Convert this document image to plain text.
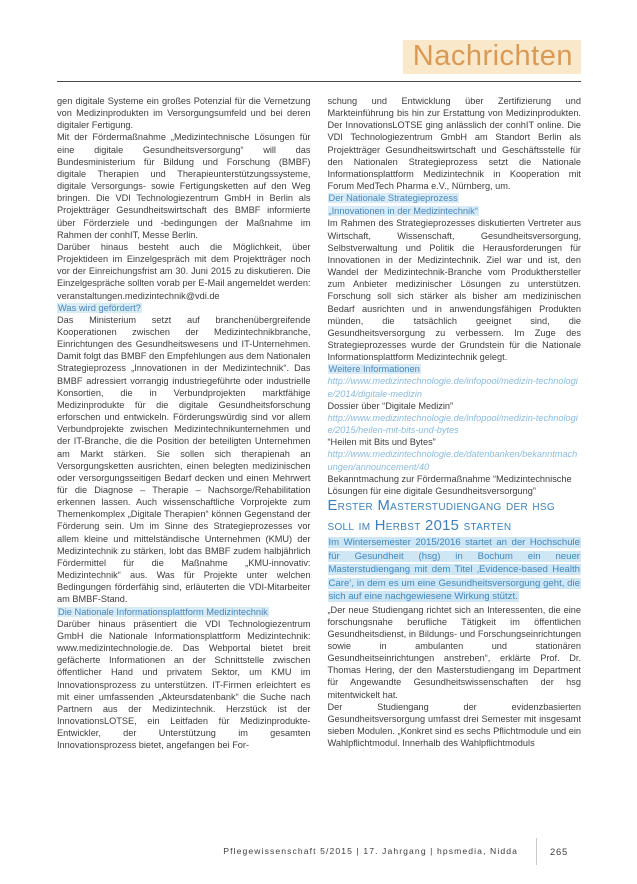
Nachrichten

gen digitale Systeme ein großes Potenzial für die Vernetzung von Medizinprodukten im Versorgungsumfeld und bei deren digitaler Fertigung.

Mit der Fördermaßnahme „Medizintechnische Lösungen für eine digitale Gesundheitsversorgung“ will das Bundesministerium für Bildung und Forschung (BMBF) digitale Therapien und Therapieunterstützungssysteme, digitale Versorgungs- sowie Fertigungsketten auf den Weg bringen. Die VDI Technologiezentrum GmbH in Berlin als Projektträger Gesundheitswirtschaft des BMBF informierte über Förderziele und -bedingungen der Maßnahme im Rahmen der conhIT, Messe Berlin.

Darüber hinaus besteht auch die Möglichkeit, über Projektideen im Einzelgespräch mit dem Projektträger noch vor der Einreichungsfrist am 30. Juni 2015 zu diskutieren. Die Einzelgespräche sollten vorab per E-Mail angemeldet werden: veranstaltungen.medizintechnik@vdi.de

Was wird gefördert?

Das Ministerium setzt auf branchenübergreifende Kooperationen zwischen der Medizintechnikbranche, Einrichtungen des Gesundheitswesens und IT-Unternehmen. Damit folgt das BMBF den Empfehlungen aus dem Nationalen Strategieprozess „Innovationen in der Medizintechnik“. Das BMBF adressiert vorrangig industriegeführte oder industrielle Konsortien, die in Verbundprojekten marktfähige Medizinprodukte für die digitale Gesundheitsforschung erforschen und entwickeln. Förderungswürdig sind vor allem Verbundprojekte zwischen Medizintechnikunternehmen und der IT-Branche, die die Position der beteiligten Unternehmen am Markt stärken. Sie sollen sich therapienah an Versorgungsketten ausrichten, einen belegten medizinischen oder versorgungsseitigen Bedarf decken und einen Mehrwert für die Diagnose – Therapie – Nachsorge/Rehabilitation erkennen lassen. Auch wissenschaftliche Vorprojekte zum Themenkomplex „Digitale Therapien“ können Gegenstand der Förderung sein. Um im Sinne des Strategieprozesses vor allem kleine und mittelständische Unternehmen (KMU) der Medizintechnik zu stärken, lobt das BMBF zudem halbjährlich Fördermittel für die Maßnahme „KMU-innovativ: Medizintechnik“ aus. Was für Projekte unter welchen Bedingungen förderfähig sind, erläuterten die VDI-Mitarbeiter am BMBF-Stand.

Die Nationale Informationsplattform Medizintechnik

Darüber hinaus präsentiert die VDI Technologiezentrum GmbH die Nationale Informationsplattform Medizintechnik: www.medizintechnologie.de. Das Webportal bietet breit gefächerte Informationen an der Schnittstelle zwischen öffentlicher Hand und privatem Sektor, um KMU im Innovationsprozess zu unterstützen. IT-Firmen erleichtert es mit einer umfassenden „Akteursdatenbank“ die Suche nach Partnern aus der Medizintechnik. Herzstück ist der InnovationsLOTSE, ein Leitfaden für Medizinprodukte-Entwickler, der Unterstützung im gesamten Innovationsprozess bietet, angefangen bei For-

schung und Entwicklung über Zertifizierung und Markteinführung bis hin zur Erstattung von Medizinprodukten. Der InnovationsLOTSE ging anlässlich der conhIT online. Die VDI Technologiezentrum GmbH am Standort Berlin als Projektträger Gesundheitswirtschaft und Geschäftsstelle für den Nationalen Strategieprozess setzt die Nationale Informationsplattform Medizintechnik in Kooperation mit Forum MedTech Pharma e.V., Nürnberg, um.

Der Nationale Strategieprozess
„Innovationen in der Medizintechnik“

Im Rahmen des Strategieprozesses diskutierten Vertreter aus Wirtschaft, Wissenschaft, Gesundheitsversorgung, Selbstverwaltung und Politik die Herausforderungen für Innovationen in der Medizintechnik. Ziel war und ist, den Wandel der Medizintechnik-Branche vom Produkthersteller zum Anbieter medizinischer Lösungen zu unterstützen. Forschung soll sich stärker als bisher am medizinischen Bedarf ausrichten und in anwendungsfähigen Produkten münden, die tatsächlich geeignet sind, die Gesundheitsversorgung zu verbessern. Im Zuge des Strategieprozesses wurde der Grundstein für die Nationale Informationsplattform Medizintechnik gelegt.

Weitere Informationen

http://www.medizintechnologie.de/infopool/medizin-technologie/2014/digitale-medizin

Dossier über “Digitale Medizin”

http://www.medizintechnologie.de/infopool/medizin-technologie/2015/heilen-mit-bits-und-bytes

“Heilen mit Bits und Bytes”

http://www.medizintechnologie.de/datenbanken/bekanntmachungen/announcement/40

Bekanntmachung zur Fördermaßnahme “Medizintechnische Lösungen für eine digitale Gesundheitsversorgung”

Erster Masterstudiengang der hsg soll im Herbst 2015 starten

Im Wintersemester 2015/2016 startet an der Hochschule für Gesundheit (hsg) in Bochum ein neuer Masterstudiengang mit dem Titel ‚Evidence-based Health Care‘, in dem es um eine Gesundheitsversorgung geht, die sich auf eine nachgewiesene Wirkung stützt.

„Der neue Studiengang richtet sich an Interessenten, die eine forschungsnahe berufliche Tätigkeit im öffentlichen Gesundheitsdienst, in Bildungs- und Forschungseinrichtungen sowie in ambulanten und stationären Gesundheitseinrichtungen anstreben“, erklärte Prof. Dr. Thomas Hering, der den Masterstudiengang im Department für Angewandte Gesundheitswissenschaften der hsg mitentwickelt hat.

Der Studiengang der evidenzbasierten Gesundheitsversorgung umfasst drei Semester mit insgesamt sieben Modulen. „Konkret sind es sechs Pflichtmodule und ein Wahlpflichtmodul. Innerhalb des Wahlpflichtmoduls

Pflegewissenschaft 5/2015 | 17. Jahrgang | hpsmedia, Nidda	265
